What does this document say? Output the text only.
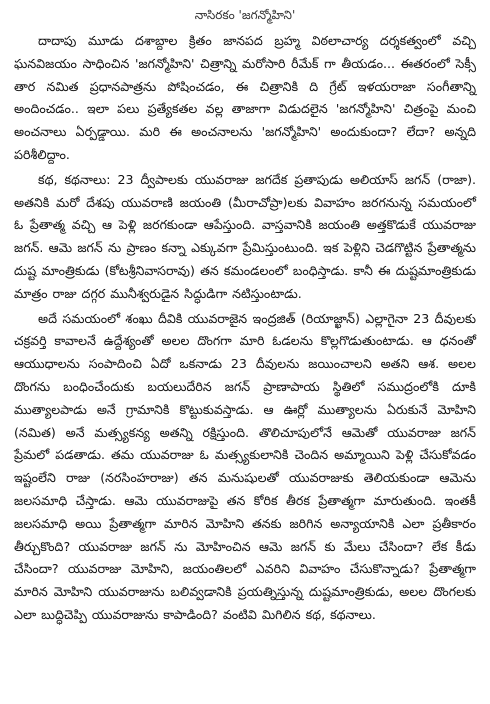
నాసిరకం 'జగన్మోహిని'

దాదాపు మూడు దశాబ్దాల క్రితం జానపద బ్రహ్మ విఠలాచార్య దర్శకత్వంలో వచ్చి ఘనవిజయం సాధించిన 'జగన్మోహిని' చిత్రాన్ని మరోసారి రీమేక్ గా తీయడం... ఈ‌తరంలో సెక్సీ తార నమిత ప్రధానపాత్రను పోషించడం, ఈ చిత్రానికి ది గ్రేట్ ఇళయరాజా సంగీతాన్ని అందించడం.. ఇలా పలు ప్రత్యేకతల వల్ల తాజాగా విడుదలైన 'జగన్మోహిని' చిత్రంపై మంచి అంచనాలు ఏర్పడ్డాయి. మరి ఈ అంచనాలను 'జగన్మోహిని' అందుకుందా? లేదా? అన్నది పరిశీలిద్దాం.

కథ, కథనాలు: 23 ద్వీపాలకు యువరాజు జగదేక ప్రతాపుడు అలియాస్ జగన్ (రాజా). అతనికి మరో దేశపు యువరాణి జయంతి (మీరాచోప్రా)లకు వివాహం జరగనున్న సమయంలో ఓ ప్రేతాత్మ వచ్చి ఆ పెళ్లి జరగకుండా ఆపేస్తుంది. వాస్తవానికి జయంతి అత్తకొడుకే యువరాజు జగన్. ఆమె జగన్ ను ప్రాణం కన్నా ఎక్కువగా ప్రేమిస్తుంటుంది. ఇక పెళ్లిని చెడగొట్టిన ప్రేతాత్మను దుష్ట మాంత్రికుడు (కోటశ్రీనివాసరావు) తన కమండలంలో బంధిస్తాడు. కానీ ఈ దుష్టమాంత్రికుడు మాత్రం రాజు దగ్గర మునీశ్వరుడైన సిద్ధుడిగా నటిస్తుంటాడు.

అదే సమయంలో శంఖు దీవికి యువరాజైన ఇంద్రజిత్ (రియాజ్ఖాన్) ఎల్లాగైనా 23 దీవులకు చక్రవర్తి కావాలనే ఉద్దేశ్యంతో అలల దొంగగా మారి ఓడలను కొల్లగొడుతుంటాడు. ఆ ధనంతో ఆయుధాలను సంపాదించి ఏదో ఒకనాడు 23 దీవులను జయించాలని అతని ఆశ. అలల దొంగను బంధించేందుకు బయలుదేరిన జగన్ ప్రాణాపాయ స్థితిలో సముద్రంలోకి దూకి ముత్యాలపాడు అనే గ్రామానికి కొట్టుకువస్తాడు. ఆ ఊర్లో ముత్యాలను ఏరుకునే మోహిని (నమిత) అనే మత్స్యకన్య అతన్ని రక్షిస్తుంది. తొలిచూపులోనే ఆమెతో యువరాజు జగన్ ప్రేమలో పడతాడు. తమ యువరాజు ఓ మత్స్యకులానికి చెందిన అమ్మాయిని పెళ్లి చేసుకోవడం ఇష్టంలేని రాజు (నరసింహరాజు) తన మనుషులతో యువరాజుకు తెలియకుండా ఆమెను జలసమాధి చేస్తాడు. ఆమె యువరాజుపై తన కోరిక తీరక ప్రేతాత్మగా మారుతుంది. ఇంతకీ జలసమాధి అయి ప్రేతాత్మగా మారిన మోహిని తనకు జరిగిన అన్యాయానికి ఎలా ప్రతీకారం తీర్చుకొంది? యువరాజు జగన్ ను మోహించిన ఆమె జగన్ కు మేలు చేసిందా? లేక కీడు చేసిందా? యువరాజు మోహిని, జయంతిలలో ఎవరిని వివాహం చేసుకొన్నాడు? ప్రేతాత్మగా మారిన మోహిని యువరాజును బలివ్వడానికి ప్రయత్నిస్తున్న దుష్టమాంత్రికుడు, అలల దొంగలకు ఎలా బుద్ధిచెప్పి యువరాజును కాపాడింది? వంటివి మిగిలిన కథ, కథనాలు.
